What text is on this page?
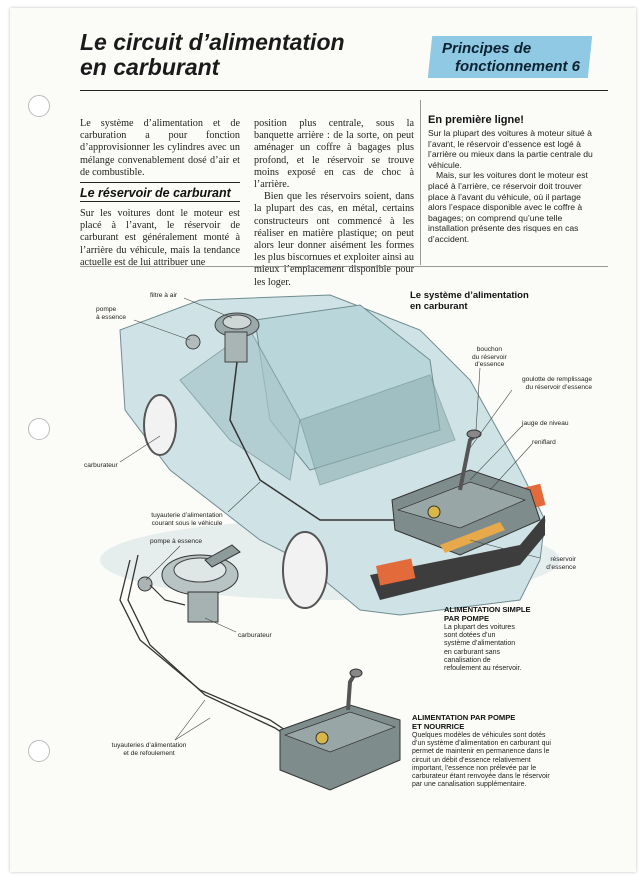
Le circuit d’alimentation
en carburant
Principes de
fonctionnement 6

Le système d’alimentation et de carburation a pour fonction d’approvisionner les cylindres avec un mélange convenablement dosé d’air et de combustible.

Le réservoir de carburant

Sur les voitures dont le moteur est placé à l’avant, le réservoir de carburant est généralement monté à l’arrière du véhicule, mais la tendance actuelle est de lui attribuer une

position plus centrale, sous la banquette arrière : de la sorte, on peut aménager un coffre à bagages plus profond, et le réservoir se trouve moins exposé en cas de choc à l’arrière.

Bien que les réservoirs soient, dans la plupart des cas, en métal, certains constructeurs ont commencé à les réaliser en matière plastique; on peut alors leur donner aisément les formes les plus biscornues et exploiter ainsi au mieux l’emplacement disponible pour les loger.

En première ligne!

Sur la plupart des voitures à moteur situé à l’avant, le réservoir d’essence est logé à l’arrière ou mieux dans la partie centrale du véhicule.

Mais, sur les voitures dont le moteur est placé à l’arrière, ce réservoir doit trouver place à l’avant du véhicule, où il partage alors l’espace disponible avec le coffre à bagages; on comprend qu’une telle installation présente des risques en cas d’accident.

Le système d’alimentation
en carburant
filtre à air
pompe
à essence
bouchon
du réservoir
d’essence
goulotte de remplissage
du réservoir d’essence
jauge de niveau
reniflard
carburateur
tuyauterie d’alimentation
courant sous le véhicule
réservoir
d’essence
pompe à essence
carburateur
tuyauteries d’alimentation
et de refoulement
ALIMENTATION SIMPLE
PAR POMPE
La plupart des voitures
sont dotées d’un
système d’alimentation
en carburant sans
canalisation de
refoulement au réservoir.
ALIMENTATION PAR POMPE
ET NOURRICE
Quelques modèles de véhicules sont dotés
d’un système d’alimentation en carburant qui
permet de maintenir en permanence dans le
circuit un débit d’essence relativement
important, l’essence non prélevée par le
carburateur étant renvoyée dans le réservoir
par une canalisation supplémentaire.
